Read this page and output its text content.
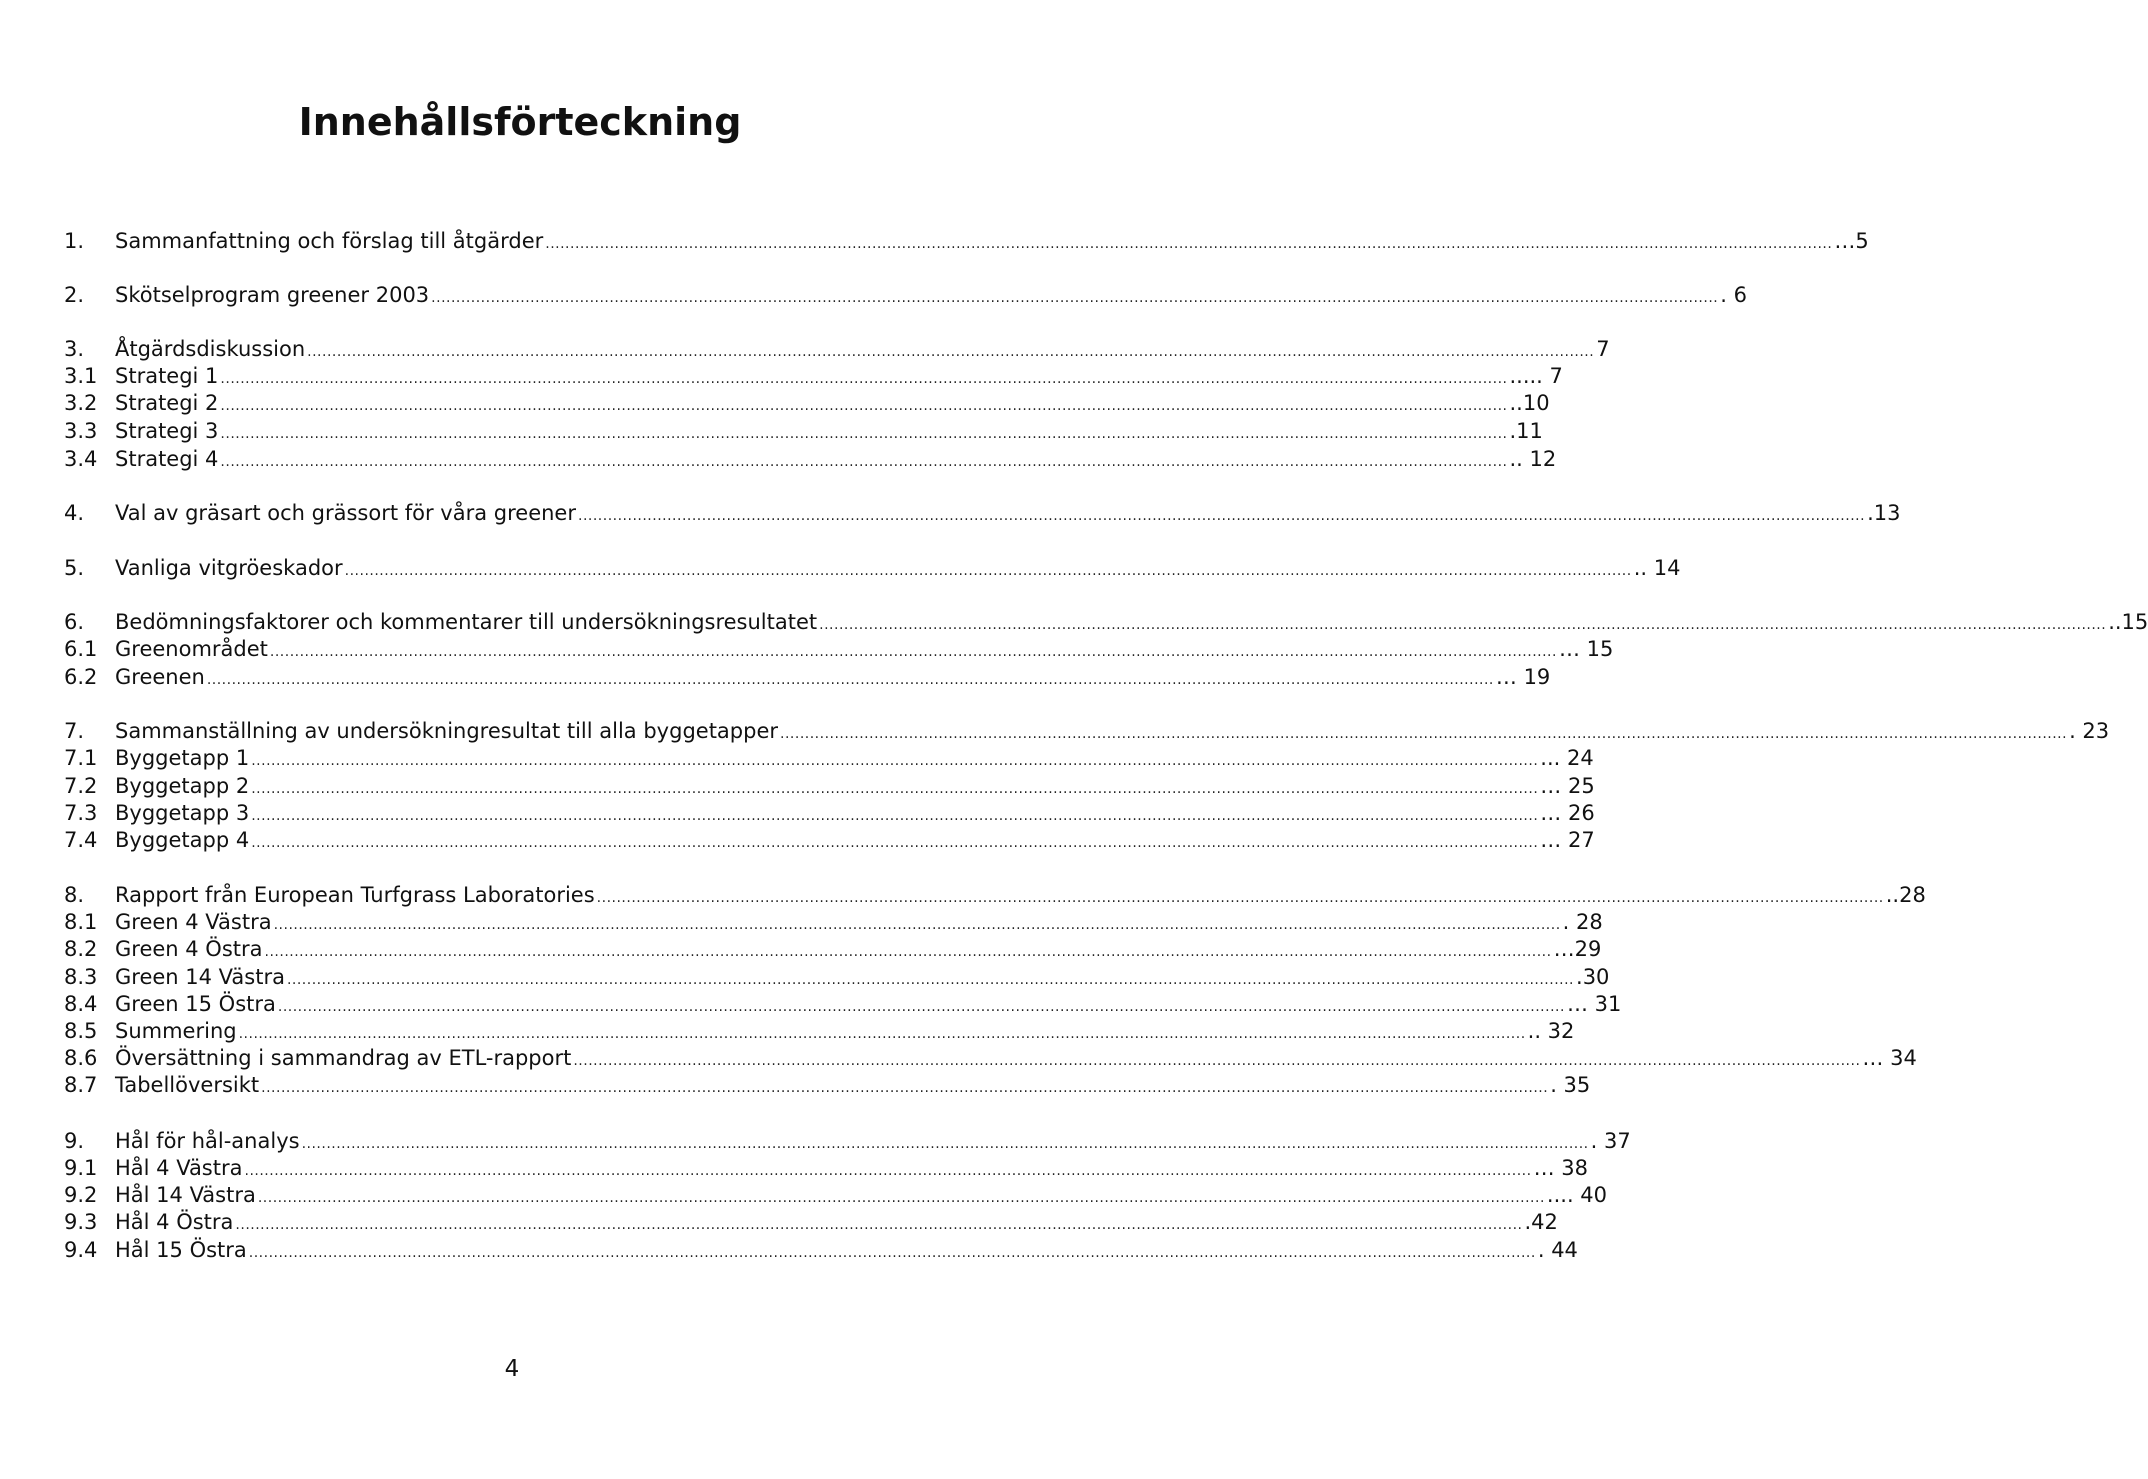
Innehållsförteckning
1.	Sammanfattning och förslag till åtgärder .................................................................................................................................................................................................................................................................... …5
2.	Skötselprogram greener 2003 .................................................................................................................................................................................................................................................................... . 6
3.	Åtgärdsdiskussion .................................................................................................................................................................................................................................................................... 7
3.1 Strategi 1 .................................................................................................................................................................................................................................................................... ..... 7
3.2 Strategi 2 .................................................................................................................................................................................................................................................................... ..10
3.3 Strategi 3 .................................................................................................................................................................................................................................................................... .11
3.4 Strategi 4 .................................................................................................................................................................................................................................................................... .. 12
4.	Val av gräsart och grässort för våra greener .................................................................................................................................................................................................................................................................... .13
5.	Vanliga vitgröeskador .................................................................................................................................................................................................................................................................... .. 14
6.	Bedömningsfaktorer och kommentarer till undersökningsresultatet .................................................................................................................................................................................................................................................................... ..15
6.1 Greenområdet .................................................................................................................................................................................................................................................................... … 15
6.2 Greenen .................................................................................................................................................................................................................................................................... … 19
7.	Sammanställning av undersökningresultat till alla byggetapper .................................................................................................................................................................................................................................................................... . 23
7.1 Byggetapp 1 .................................................................................................................................................................................................................................................................... ... 24
7.2 Byggetapp 2 .................................................................................................................................................................................................................................................................... … 25
7.3 Byggetapp 3 .................................................................................................................................................................................................................................................................... … 26
7.4 Byggetapp 4 .................................................................................................................................................................................................................................................................... … 27
8.	Rapport från European Turfgrass Laboratories .................................................................................................................................................................................................................................................................... ..28
8.1 Green 4 Västra .................................................................................................................................................................................................................................................................... . 28
8.2 Green 4 Östra .................................................................................................................................................................................................................................................................... …29
8.3 Green 14 Västra .................................................................................................................................................................................................................................................................... .30
8.4 Green 15 Östra .................................................................................................................................................................................................................................................................... … 31
8.5 Summering .................................................................................................................................................................................................................................................................... .. 32
8.6 Översättning i sammandrag av ETL-rapport .................................................................................................................................................................................................................................................................... … 34
8.7 Tabellöversikt .................................................................................................................................................................................................................................................................... . 35
9.	Hål för hål-analys .................................................................................................................................................................................................................................................................... . 37
9.1 Hål 4 Västra .................................................................................................................................................................................................................................................................... … 38
9.2 Hål 14 Västra .................................................................................................................................................................................................................................................................... .... 40
9.3 Hål 4 Östra .................................................................................................................................................................................................................................................................... .42
9.4 Hål 15 Östra .................................................................................................................................................................................................................................................................... . 44
4
